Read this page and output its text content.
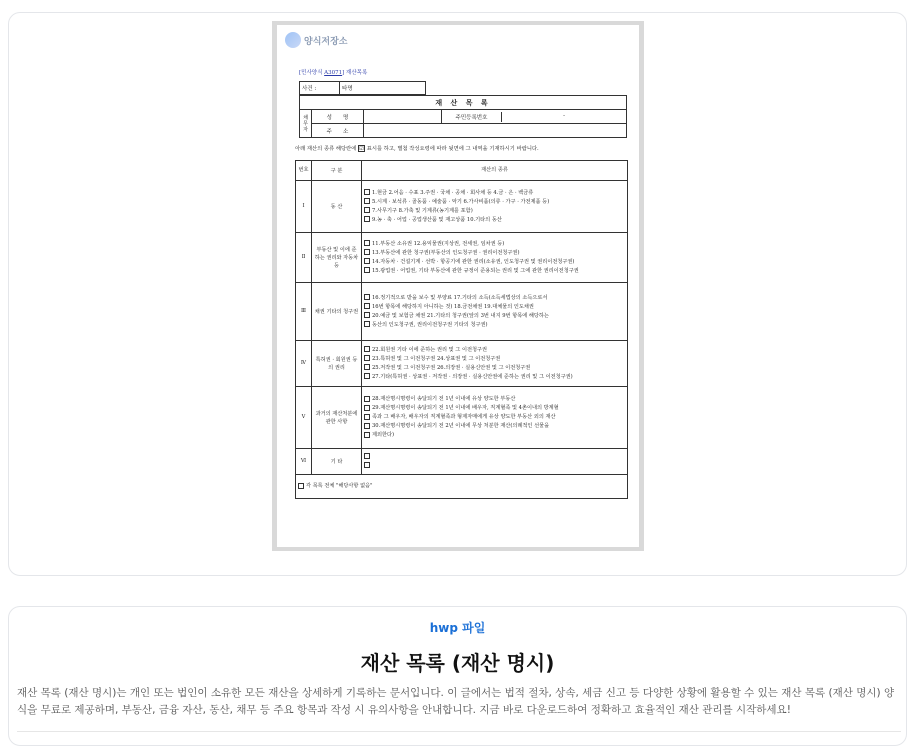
양식저장소
[민사양식 A3071] 재산목록
사건 :	타명
재 산 목 록			
채 무 자	성　　명		주민등록번호 -

	주　　소		
아래 재산의 종류 해당란에 ☑ 표시를 하고, 별첨 작성요령에 따라 뒷면에 그 내역을 기재하시기 바랍니다.
번호	구 분	재산의 종류
Ⅰ	동 산	1.현금 2.어음 · 수표 3.주권 · 국채 · 공채 · 회사채 등 4.금 · 은 · 백금류
5.시계 · 보석류 · 골동품 · 예술품 · 악기 6.가사비품(의류 · 가구 · 가전제품 등)
7.사무기구 8.가축 및 기계류(농기계를 포함)
9.농 · 축 · 어업 · 공업생산품 및 재고상품 10.기타의 동산

Ⅱ	부동산 및 이에 준하는 권리와 자동차 등	11.부동산 소유권 12.용익물권(지상권, 전세권, 임차권 등)
13.부동산에 관한 청구권(부동산의 인도청구권 · 권리이전청구권)
14.자동차 · 건설기계 · 선박 · 항공기에 관한 권리(소유권, 인도청구권 및 권리이전청구권)
15.광업권 · 어업권, 기타 부동산에 관한 규정이 준용되는 권리 및 그에 관한 권리이전청구권

Ⅲ	채권 기타의 청구권	16.정기적으로 받을 보수 및 부양료 17.기타의 소득(소득세법상의 소득으로서
16번 항목에 해당하지 아니하는 것) 18.금전채권 19.대체물의 인도채권
20.예금 및 보험금 채권 21.기타의 청구권(앞의 3번 내지 9번 항목에 해당하는
동산의 인도청구권, 권리이전청구권 기타의 청구권)

Ⅳ	특허권 · 회원권 등의 권리	22.회원권 기타 이에 준하는 권리 및 그 이전청구권
23.특허권 및 그 이전청구권 24.상표권 및 그 이전청구권
25.저작권 및 그 이전청구권 26.의장권 · 실용신안권 및 그 이전청구권
27.기타(특허권 · 상표권 · 저작권 · 의장권 · 실용신안권에 준하는 권리 및 그 이전청구권)

Ⅴ	과거의 재산처분에 관한 사항	28.재산명시명령이 송달되기 전 1년 이내에 유상 양도한 부동산
29.재산명시명령이 송달되기 전 1년 이내에 배우자, 직계혈족 및 4촌이내의 방계혈
족과 그 배우자, 배우자의 직계혈족과 형제자매에게 유상 양도한 부동산 외의 재산
30.재산명시명령이 송달되기 전 2년 이내에 무상 처분한 재산(의례적인 선물을
제외한다)

Ⅵ	기 타	

각 목록 전체 "해당사항 없음"		
hwp 파일
재산 목록 (재산 명시)
재산 목록 (재산 명시)는 개인 또는 법인이 소유한 모든 재산을 상세하게 기록하는 문서입니다. 이 글에서는 법적 절차, 상속, 세금 신고 등 다양한 상황에 활용할 수 있는 재산 목록 (재산 명시) 양식을 무료로 제공하며, 부동산, 금융 자산, 동산, 채무 등 주요 항목과 작성 시 유의사항을 안내합니다. 지금 바로 다운로드하여 정확하고 효율적인 재산 관리를 시작하세요!
